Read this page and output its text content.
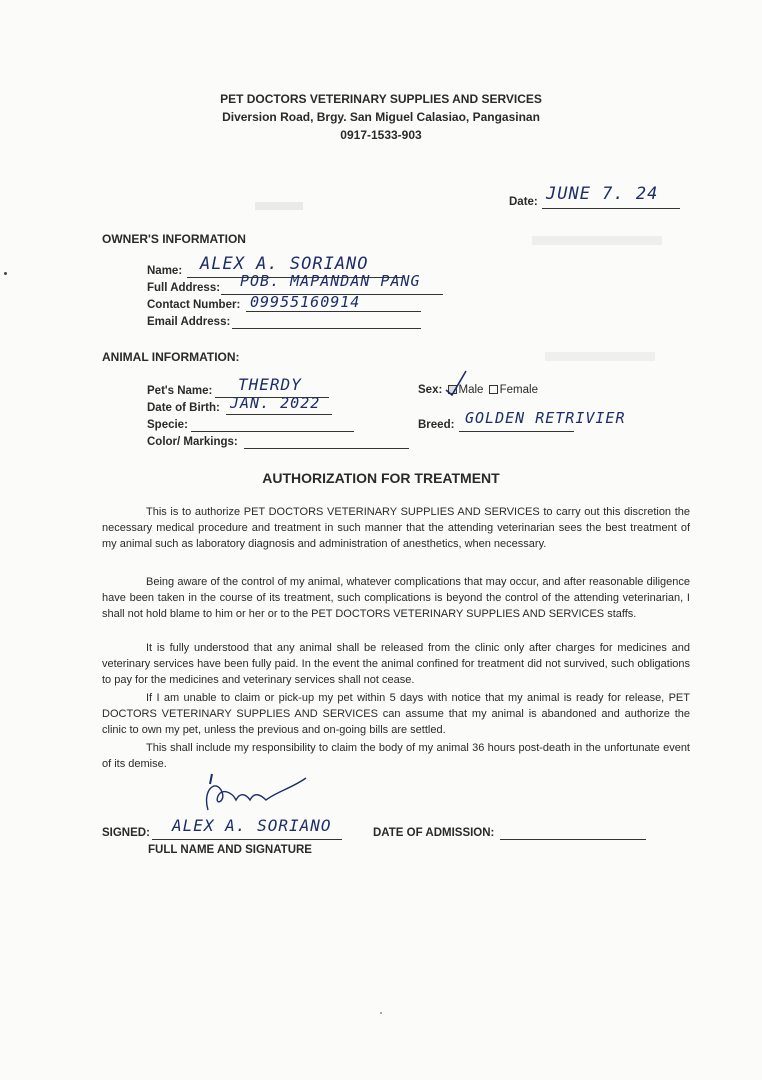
PET DOCTORS VETERINARY SUPPLIES AND SERVICES
Diversion Road, Brgy. San Miguel Calasiao, Pangasinan
0917-1533-903
Date: JUNE 7. 24
OWNER'S INFORMATION
Name: ALEX A. SORIANO
Full Address: POB. MAPANDAN PANG
Contact Number: 09955160914
Email Address:
ANIMAL INFORMATION:
Pet's Name: THERDY
Date of Birth: JAN. 2022
Specie:
Color/ Markings:
Sex: Male Female
Breed: GOLDEN RETRIVIER
AUTHORIZATION FOR TREATMENT

This is to authorize PET DOCTORS VETERINARY SUPPLIES AND SERVICES to carry out this discretion the necessary medical procedure and treatment in such manner that the attending veterinarian sees the best treatment of my animal such as laboratory diagnosis and administration of anesthetics, when necessary.

Being aware of the control of my animal, whatever complications that may occur, and after reasonable diligence have been taken in the course of its treatment, such complications is beyond the control of the attending veterinarian, I shall not hold blame to him or her or to the PET DOCTORS VETERINARY SUPPLIES AND SERVICES staffs.

It is fully understood that any animal shall be released from the clinic only after charges for medicines and veterinary services have been fully paid. In the event the animal confined for treatment did not survived, such obligations to pay for the medicines and veterinary services shall not cease.

If I am unable to claim or pick-up my pet within 5 days with notice that my animal is ready for release, PET DOCTORS VETERINARY SUPPLIES AND SERVICES can assume that my animal is abandoned and authorize the clinic to own my pet, unless the previous and on-going bills are settled.

This shall include my responsibility to claim the body of my animal 36 hours post-death in the unfortunate event of its demise.

SIGNED: ALEX A. SORIANO
FULL NAME AND SIGNATURE
DATE OF ADMISSION:
